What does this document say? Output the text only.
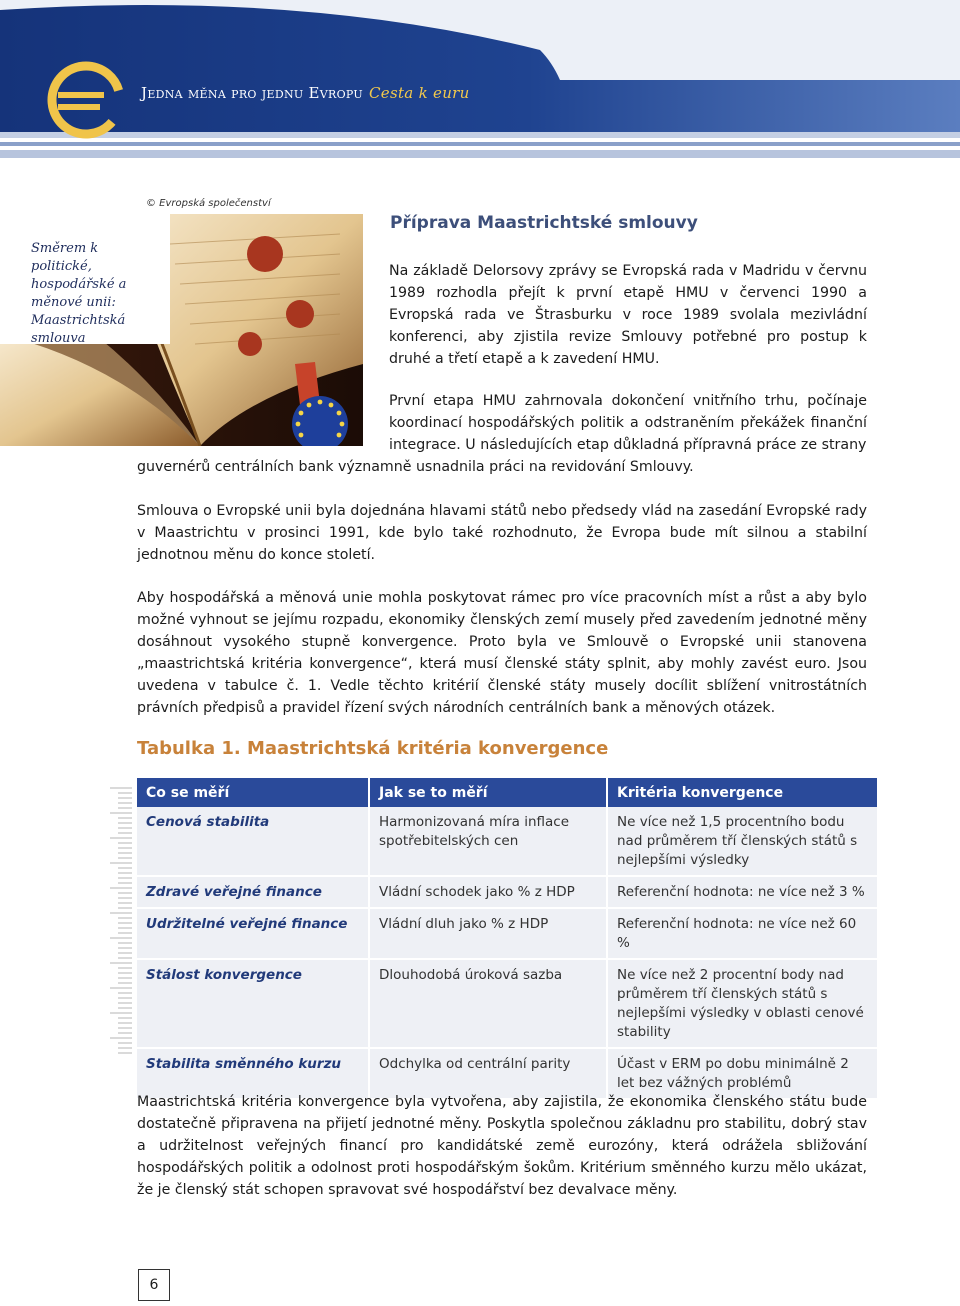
Jedna měna pro jednu Evropu Cesta k euru
© Evropská společenství
Směrem k politické, hospodářské a měnové unii: Maastrichtská smlouva
Příprava Maastrichtské smlouvy
Na základě Delorsovy zprávy se Evropská rada v Madridu v červnu 1989 rozhodla přejít k první etapě HMU v červenci 1990 a Evropská rada ve Štrasburku v roce 1989 svolala mezivládní konferenci, aby zjistila revize Smlouvy potřebné pro postup k druhé a třetí etapě a k zavedení HMU.
První etapa HMU zahrnovala dokončení vnitřního trhu, počínaje koordinací hospodářských politik a odstraněním překážek finanční integrace. U následujících etap důkladná přípravná práce ze strany
guvernérů centrálních bank významně usnadnila práci na revidování Smlouvy.
Smlouva o Evropské unii byla dojednána hlavami států nebo předsedy vlád na zasedání Evropské rady v Maastrichtu v prosinci 1991, kde bylo také rozhodnuto, že Evropa bude mít silnou a stabilní jednotnou měnu do konce století.
Aby hospodářská a měnová unie mohla poskytovat rámec pro více pracovních míst a růst a aby bylo možné vyhnout se jejímu rozpadu, ekonomiky členských zemí musely před zavedením jednotné měny dosáhnout vysokého stupně konvergence. Proto byla ve Smlouvě o Evropské unii stanovena „maastrichtská kritéria konvergence“, která musí členské státy splnit, aby mohly zavést euro. Jsou uvedena v tabulce č. 1. Vedle těchto kritérií členské státy musely docílit sblížení vnitrostátních právních předpisů a pravidel řízení svých národních centrálních bank a měnových otázek.
Tabulka 1. Maastrichtská kritéria konvergence
Co se měří	Jak se to měří	Kritéria konvergence
Cenová stabilita	Harmonizovaná míra inflace spotřebitelských cen	Ne více než 1,5 procentního bodu nad průměrem tří členských států s nejlepšími výsledky
Zdravé veřejné finance	Vládní schodek jako % z HDP	Referenční hodnota: ne více než 3 %
Udržitelné veřejné finance	Vládní dluh jako % z HDP	Referenční hodnota: ne více než 60 %
Stálost konvergence	Dlouhodobá úroková sazba	Ne více než 2 procentní body nad průměrem tří členských států s nejlepšími výsledky v oblasti cenové stability
Stabilita směnného kurzu	Odchylka od centrální parity	Účast v ERM po dobu minimálně 2 let bez vážných problémů
Maastrichtská kritéria konvergence byla vytvořena, aby zajistila, že ekonomika členského státu bude dostatečně připravena na přijetí jednotné měny. Poskytla společnou základnu pro stabilitu, dobrý stav a udržitelnost veřejných financí pro kandidátské země eurozóny, která odrážela sbližování hospodářských politik a odolnost proti hospodářským šokům. Kritérium směnného kurzu mělo ukázat, že je členský stát schopen spravovat své hospodářství bez devalvace měny.
6
